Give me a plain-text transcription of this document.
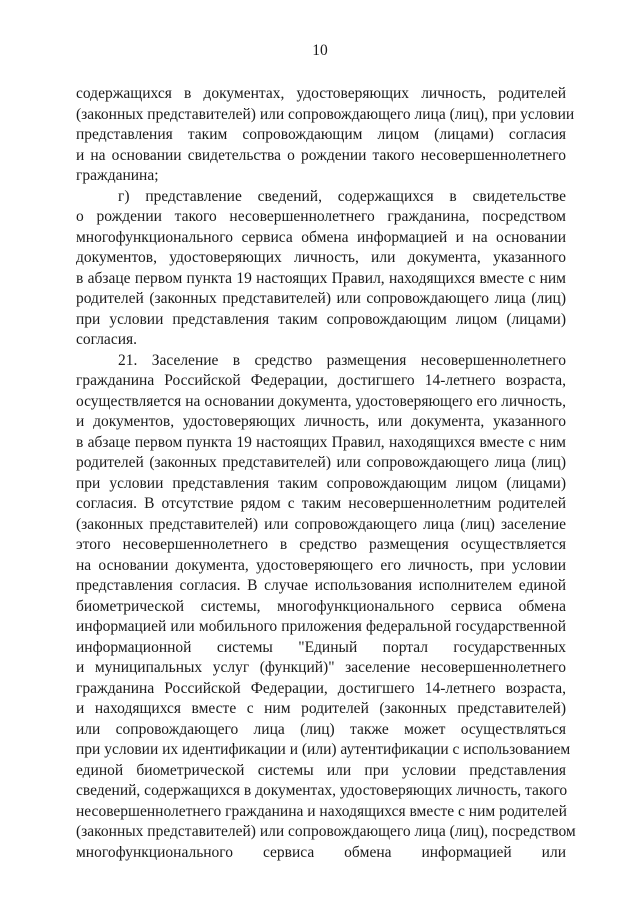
10
содержащихся в документах, удостоверяющих личность, родителей
(законных представителей) или сопровождающего лица (лиц), при условии
представления таким сопровождающим лицом (лицами) согласия
и на основании свидетельства о рождении такого несовершеннолетнего
гражданина;
г) представление сведений, содержащихся в свидетельстве
о рождении такого несовершеннолетнего гражданина, посредством
многофункционального сервиса обмена информацией и на основании
документов, удостоверяющих личность, или документа, указанного
в абзаце первом пункта 19 настоящих Правил, находящихся вместе с ним
родителей (законных представителей) или сопровождающего лица (лиц)
при условии представления таким сопровождающим лицом (лицами)
согласия.
21. Заселение в средство размещения несовершеннолетнего
гражданина Российской Федерации, достигшего 14-летнего возраста,
осуществляется на основании документа, удостоверяющего его личность,
и документов, удостоверяющих личность, или документа, указанного
в абзаце первом пункта 19 настоящих Правил, находящихся вместе с ним
родителей (законных представителей) или сопровождающего лица (лиц)
при условии представления таким сопровождающим лицом (лицами)
согласия. В отсутствие рядом с таким несовершеннолетним родителей
(законных представителей) или сопровождающего лица (лиц) заселение
этого несовершеннолетнего в средство размещения осуществляется
на основании документа, удостоверяющего его личность, при условии
представления согласия. В случае использования исполнителем единой
биометрической системы, многофункционального сервиса обмена
информацией или мобильного приложения федеральной государственной
информационной системы "Единый портал государственных
и муниципальных услуг (функций)" заселение несовершеннолетнего
гражданина Российской Федерации, достигшего 14-летнего возраста,
и находящихся вместе с ним родителей (законных представителей)
или сопровождающего лица (лиц) также может осуществляться
при условии их идентификации и (или) аутентификации с использованием
единой биометрической системы или при условии представления
сведений, содержащихся в документах, удостоверяющих личность, такого
несовершеннолетнего гражданина и находящихся вместе с ним родителей
(законных представителей) или сопровождающего лица (лиц), посредством
многофункционального сервиса обмена информацией или
